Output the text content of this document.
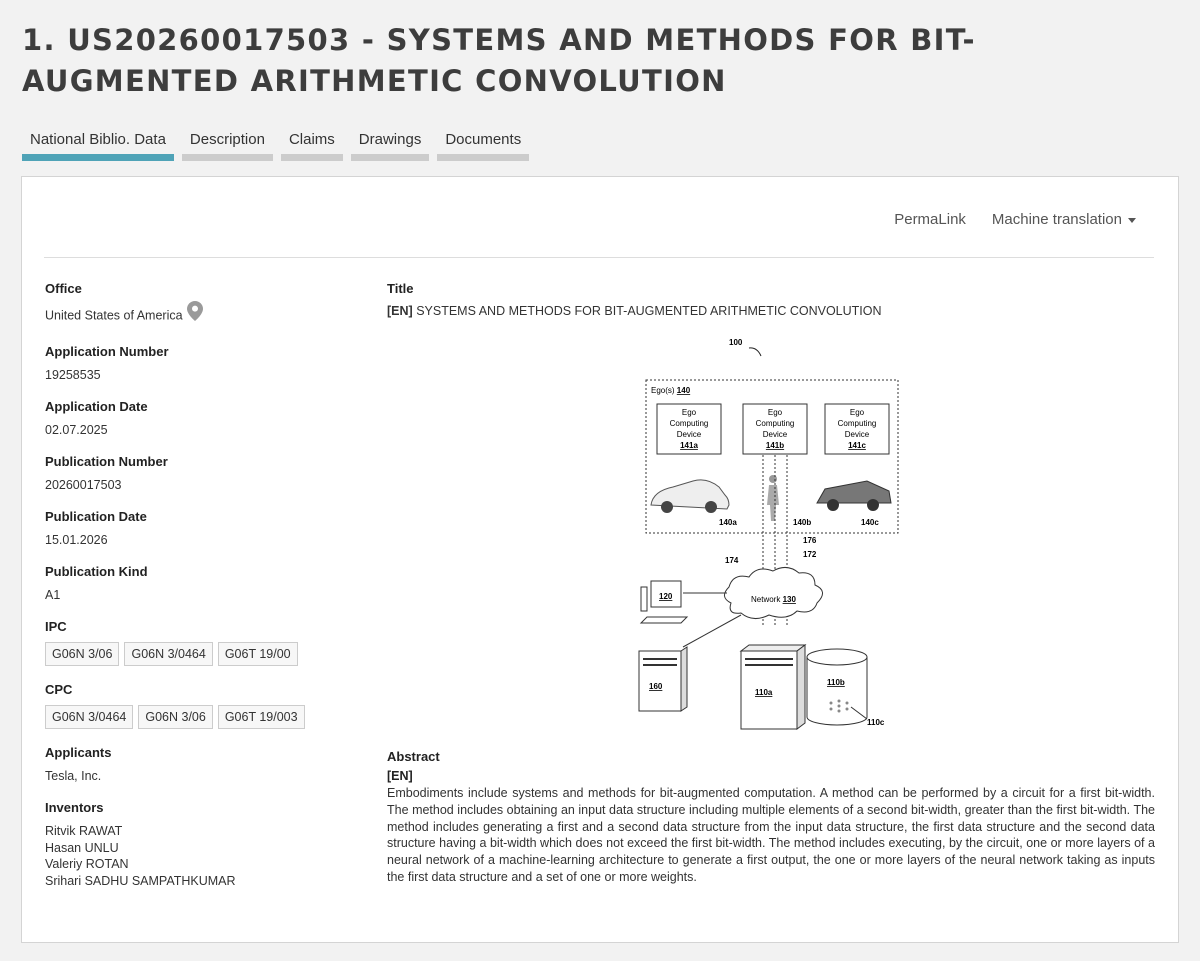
1. US20260017503 - SYSTEMS AND METHODS FOR BIT-AUGMENTED ARITHMETIC CONVOLUTION
National Biblio. Data	Description	Claims	Drawings	Documents
PermaLink Machine translation
Office
United States of America
Application Number
19258535
Application Date
02.07.2025
Publication Number
20260017503
Publication Date
15.01.2026
Publication Kind
A1
IPC
G06N 3/06	G06N 3/0464	G06T 19/00
CPC
G06N 3/0464	G06N 3/06	G06T 19/003
Applicants
Tesla, Inc.
Inventors
Ritvik RAWAT
Hasan UNLU
Valeriy ROTAN
Srihari SADHU SAMPATHKUMAR
Title
[EN] SYSTEMS AND METHODS FOR BIT-AUGMENTED ARITHMETIC CONVOLUTION
100
Ego(s) 140
Ego
Computing
Device
141a
Ego
Computing
Device
141b
Ego
Computing
Device
141c
140a	140b	140c
174
176
172
Network 130
120
160
110a
110b
110c
Abstract
[EN]
Embodiments include systems and methods for bit-augmented computation. A method can be performed by a circuit for a first bit-width. The method includes obtaining an input data structure including multiple elements of a second bit-width, greater than the first bit-width. The method includes generating a first and a second data structure from the input data structure, the first data structure and the second data structure having a bit-width which does not exceed the first bit-width. The method includes executing, by the circuit, one or more layers of a neural network of a machine-learning architecture to generate a first output, the one or more layers of the neural network taking as inputs the first data structure and a set of one or more weights.
